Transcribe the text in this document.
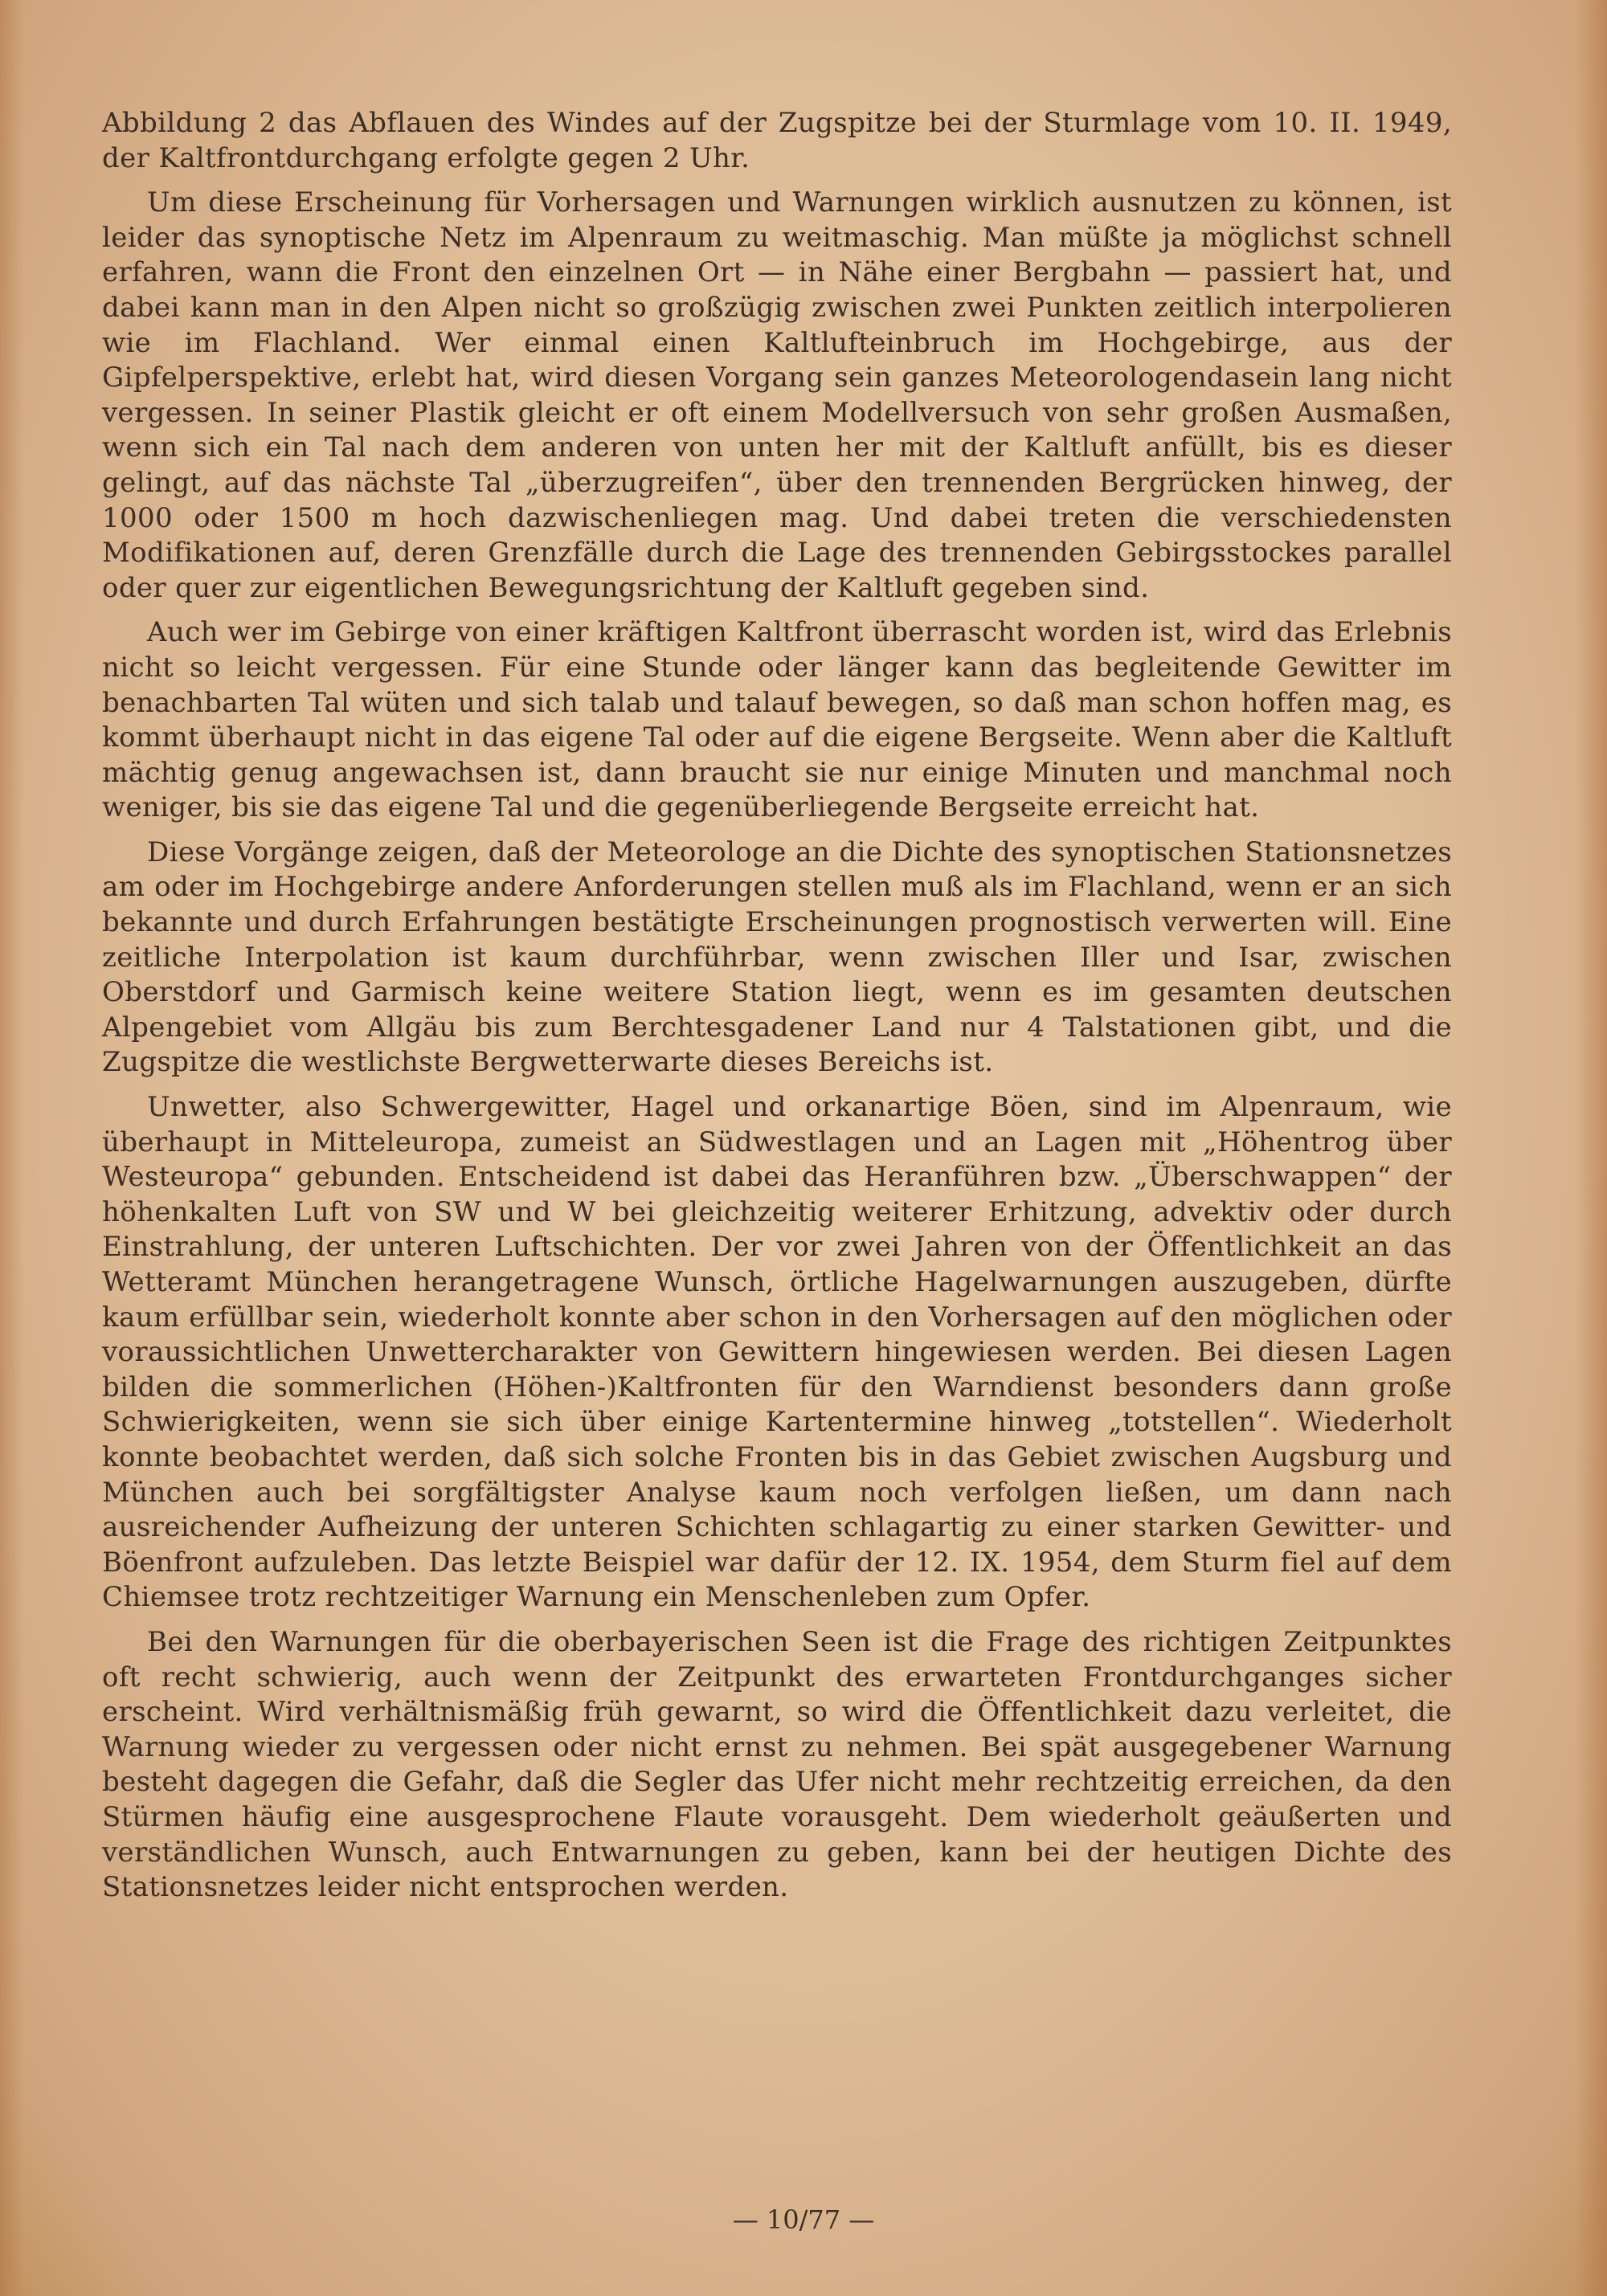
Abbildung 2 das Abflauen des Windes auf der Zugspitze bei der Sturmlage vom 10. II. 1949, der Kaltfrontdurchgang erfolgte gegen 2 Uhr.

Um diese Erscheinung für Vorhersagen und Warnungen wirklich ausnutzen zu können, ist leider das synoptische Netz im Alpenraum zu weitmaschig. Man müßte ja möglichst schnell erfahren, wann die Front den einzelnen Ort — in Nähe einer Bergbahn — passiert hat, und dabei kann man in den Alpen nicht so großzügig zwischen zwei Punkten zeitlich interpolieren wie im Flachland. Wer einmal einen Kaltlufteinbruch im Hochgebirge, aus der Gipfelperspektive, erlebt hat, wird diesen Vorgang sein ganzes Meteorologendasein lang nicht vergessen. In seiner Plastik gleicht er oft einem Modellversuch von sehr großen Ausmaßen, wenn sich ein Tal nach dem anderen von unten her mit der Kaltluft anfüllt, bis es dieser gelingt, auf das nächste Tal „überzugreifen“, über den trennenden Bergrücken hinweg, der 1000 oder 1500 m hoch dazwischenliegen mag. Und dabei treten die verschiedensten Modifikationen auf, deren Grenzfälle durch die Lage des trennenden Gebirgsstockes parallel oder quer zur eigentlichen Bewegungsrichtung der Kaltluft gegeben sind.

Auch wer im Gebirge von einer kräftigen Kaltfront überrascht worden ist, wird das Erlebnis nicht so leicht vergessen. Für eine Stunde oder länger kann das begleitende Gewitter im benachbarten Tal wüten und sich talab und talauf bewegen, so daß man schon hoffen mag, es kommt überhaupt nicht in das eigene Tal oder auf die eigene Bergseite. Wenn aber die Kaltluft mächtig genug angewachsen ist, dann braucht sie nur einige Minuten und manchmal noch weniger, bis sie das eigene Tal und die gegenüberliegende Bergseite erreicht hat.

Diese Vorgänge zeigen, daß der Meteorologe an die Dichte des synoptischen Stationsnetzes am oder im Hochgebirge andere Anforderungen stellen muß als im Flachland, wenn er an sich bekannte und durch Erfahrungen bestätigte Erscheinungen prognostisch verwerten will. Eine zeitliche Interpolation ist kaum durchführbar, wenn zwischen Iller und Isar, zwischen Oberstdorf und Garmisch keine weitere Station liegt, wenn es im gesamten deutschen Alpengebiet vom Allgäu bis zum Berchtesgadener Land nur 4 Talstationen gibt, und die Zugspitze die westlichste Bergwetterwarte dieses Bereichs ist.

Unwetter, also Schwergewitter, Hagel und orkanartige Böen, sind im Alpenraum, wie überhaupt in Mitteleuropa, zumeist an Südwestlagen und an Lagen mit „Höhentrog über Westeuropa“ gebunden. Entscheidend ist dabei das Heranführen bzw. „Überschwappen“ der höhenkalten Luft von SW und W bei gleichzeitig weiterer Erhitzung, advektiv oder durch Einstrahlung, der unteren Luftschichten. Der vor zwei Jahren von der Öffentlichkeit an das Wetteramt München herangetragene Wunsch, örtliche Hagelwarnungen auszugeben, dürfte kaum erfüllbar sein, wiederholt konnte aber schon in den Vorhersagen auf den möglichen oder voraussichtlichen Unwettercharakter von Gewittern hingewiesen werden. Bei diesen Lagen bilden die sommerlichen (Höhen-)Kaltfronten für den Warndienst besonders dann große Schwierigkeiten, wenn sie sich über einige Kartentermine hinweg „totstellen“. Wiederholt konnte beobachtet werden, daß sich solche Fronten bis in das Gebiet zwischen Augsburg und München auch bei sorgfältigster Analyse kaum noch verfolgen ließen, um dann nach ausreichender Aufheizung der unteren Schichten schlagartig zu einer starken Gewitter- und Böenfront aufzuleben. Das letzte Beispiel war dafür der 12. IX. 1954, dem Sturm fiel auf dem Chiemsee trotz rechtzeitiger Warnung ein Menschenleben zum Opfer.

Bei den Warnungen für die oberbayerischen Seen ist die Frage des richtigen Zeitpunktes oft recht schwierig, auch wenn der Zeitpunkt des erwarteten Frontdurchganges sicher erscheint. Wird verhältnismäßig früh gewarnt, so wird die Öffentlichkeit dazu verleitet, die Warnung wieder zu vergessen oder nicht ernst zu nehmen. Bei spät ausgegebener Warnung besteht dagegen die Gefahr, daß die Segler das Ufer nicht mehr rechtzeitig erreichen, da den Stürmen häufig eine ausgesprochene Flaute vorausgeht. Dem wiederholt geäußerten und verständlichen Wunsch, auch Entwarnungen zu geben, kann bei der heutigen Dichte des Stationsnetzes leider nicht entsprochen werden.

— 10/77 —
